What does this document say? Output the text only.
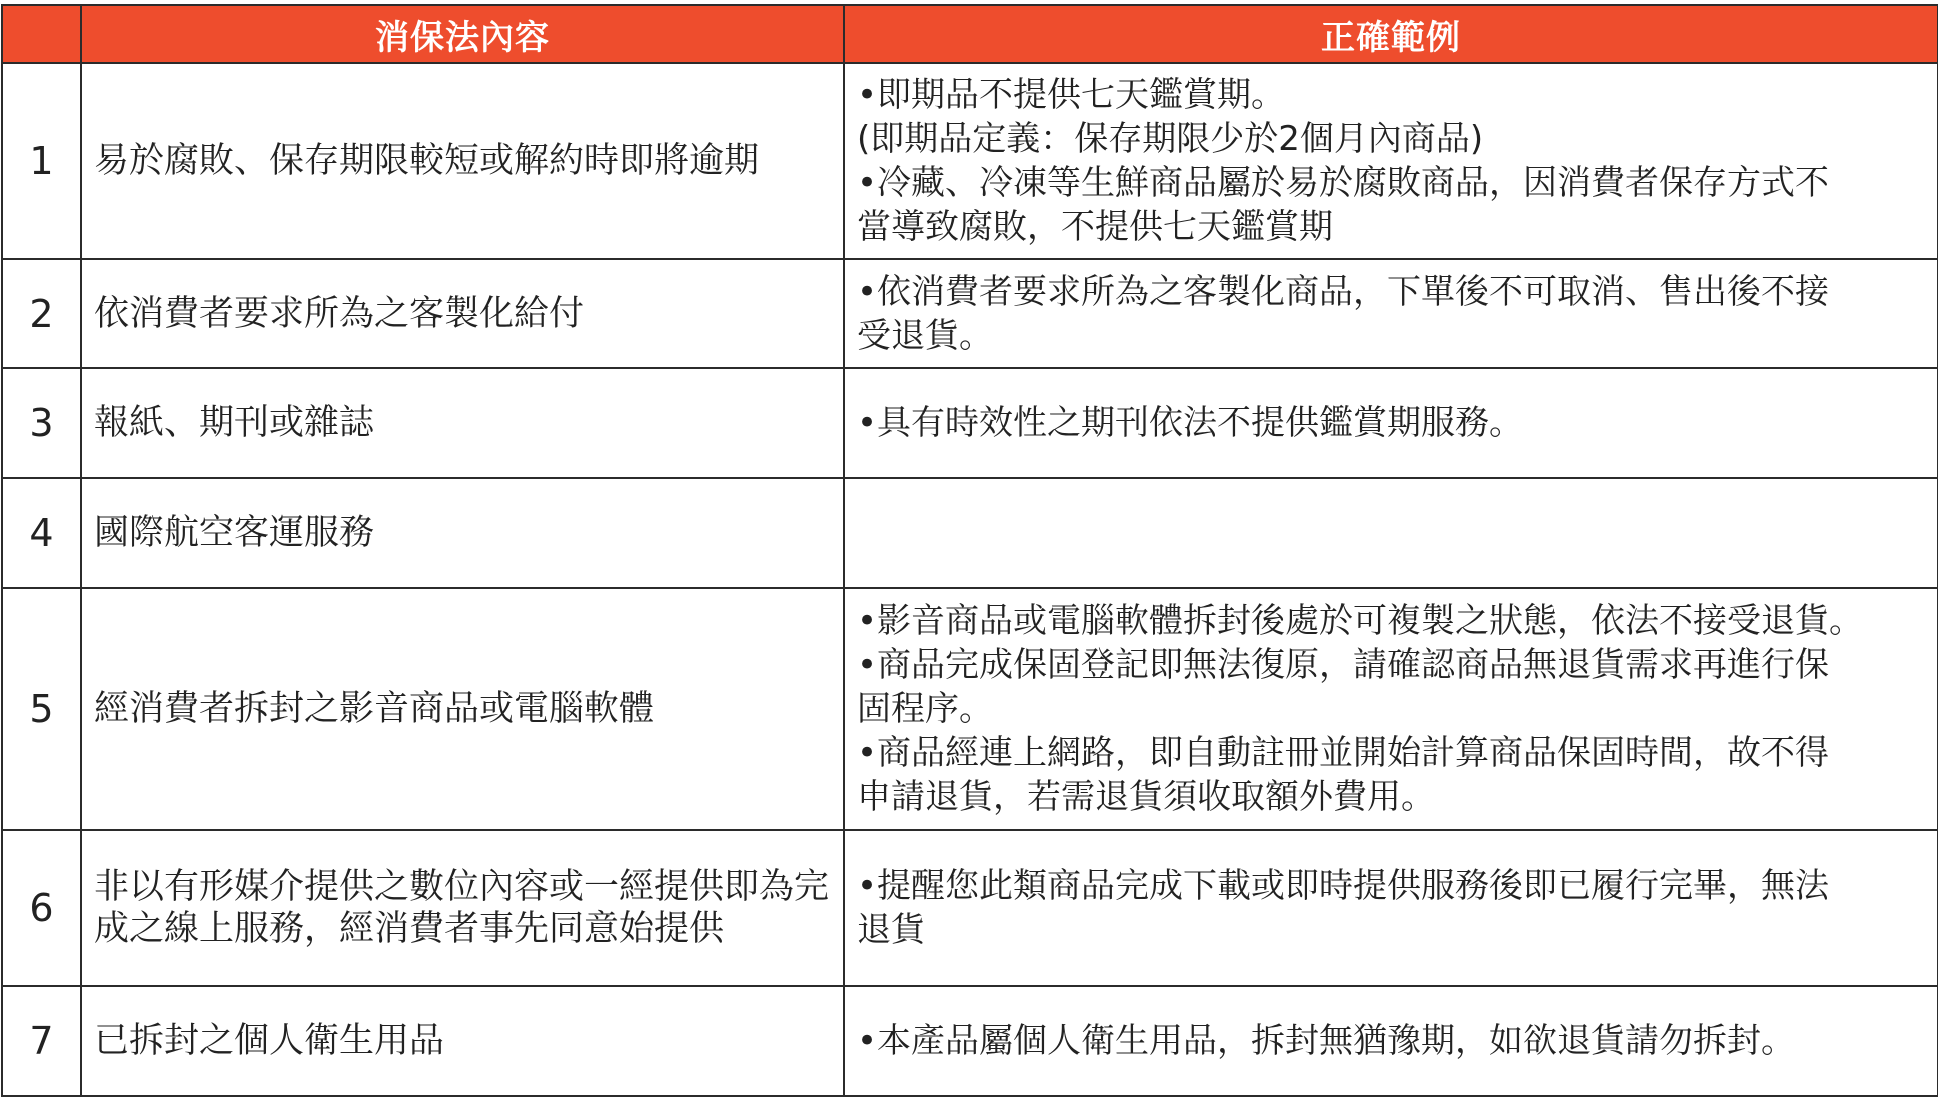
	消保法內容	正確範例
1	易於腐敗、保存期限較短或解約時即將逾期	•即期品不提供七天鑑賞期。
(即期品定義：保存期限少於2個月內商品)
•冷藏、冷凍等生鮮商品屬於易於腐敗商品，因消費者保存方式不
當導致腐敗，不提供七天鑑賞期

2	依消費者要求所為之客製化給付	•依消費者要求所為之客製化商品，下單後不可取消、售出後不接
受退貨。

3	報紙、期刊或雜誌	•具有時效性之期刊依法不提供鑑賞期服務。

4	國際航空客運服務	
5	經消費者拆封之影音商品或電腦軟體	•影音商品或電腦軟體拆封後處於可複製之狀態，依法不接受退貨。
•商品完成保固登記即無法復原，請確認商品無退貨需求再進行保
固程序。
•商品經連上網路，即自動註冊並開始計算商品保固時間，故不得
申請退貨，若需退貨須收取額外費用。

6	非以有形媒介提供之數位內容或一經提供即為完成之線上服務，經消費者事先同意始提供	•提醒您此類商品完成下載或即時提供服務後即已履行完畢，無法
退貨

7	已拆封之個人衛生用品	•本產品屬個人衛生用品，拆封無猶豫期，如欲退貨請勿拆封。
